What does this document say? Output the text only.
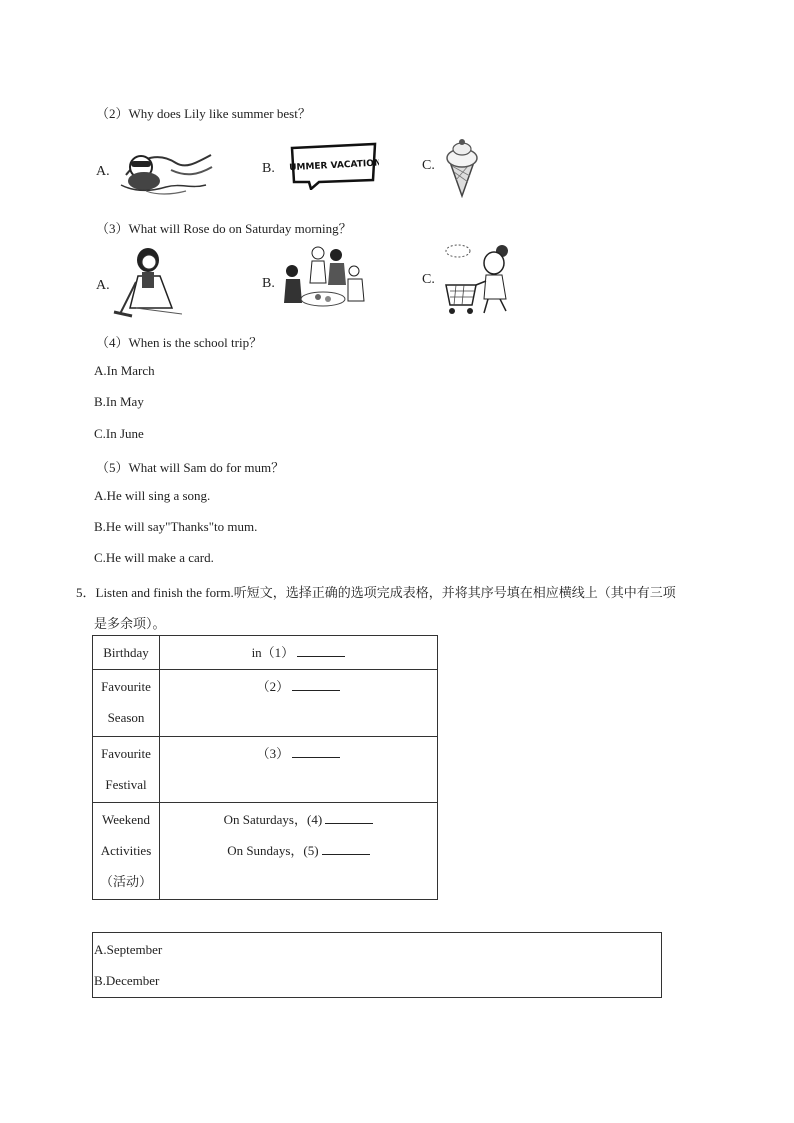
（2）Why does Lily like summer best？
A.	B. SUMMER VACATION	C.
（3）What will Rose do on Saturday morning？
A.	B.	C.
（4）When is the school trip？
A.In March
B.In May
C.In June
（5）What will Sam do for mum？
A.He will sing a song.
B.He will say"Thanks"to mum.
C.He will make a card.
5．Listen and finish the form.听短文，选择正确的选项完成表格，并将其序号填在相应横线上（其中有三项
是多余项）。
Birthday	in（1）
Favourite
Season	（2）
Favourite
Festival	（3）
Weekend
Activities
（活动）	On Saturdays，(4)
On Sundays，(5)
A.September
B.December
